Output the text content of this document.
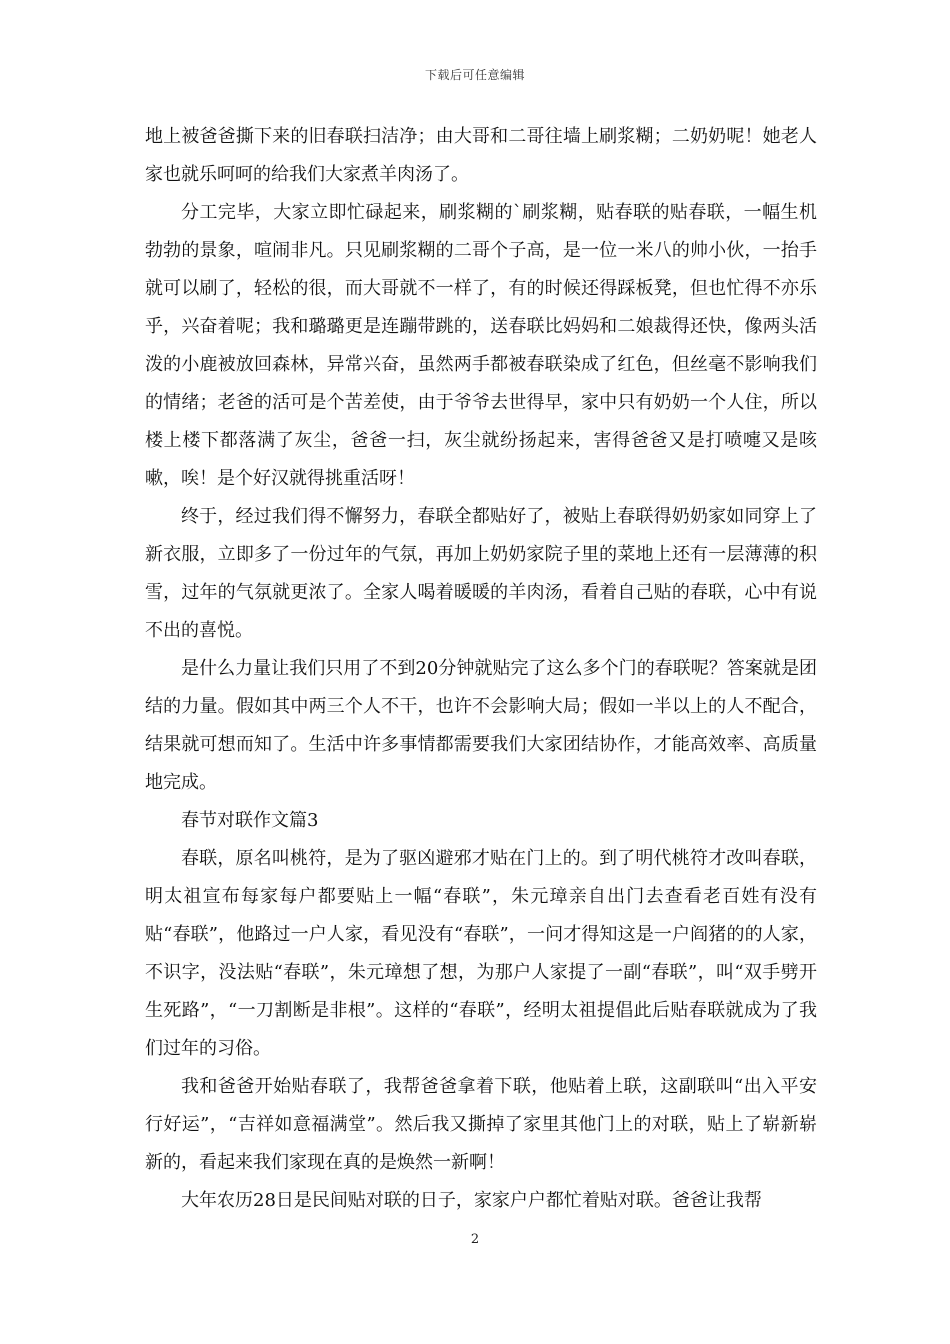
下载后可任意编辑

地上被爸爸撕下来的旧春联扫洁净；由大哥和二哥往墙上刷浆糊；二奶奶呢！她老人家也就乐呵呵的给我们大家煮羊肉汤了。

分工完毕，大家立即忙碌起来，刷浆糊的`刷浆糊，贴春联的贴春联，一幅生机勃勃的景象，喧闹非凡。只见刷浆糊的二哥个子高，是一位一米八的帅小伙，一抬手就可以刷了，轻松的很，而大哥就不一样了，有的时候还得踩板凳，但也忙得不亦乐乎，兴奋着呢；我和璐璐更是连蹦带跳的，送春联比妈妈和二娘裁得还快，像两头活泼的小鹿被放回森林，异常兴奋，虽然两手都被春联染成了红色，但丝毫不影响我们的情绪；老爸的活可是个苦差使，由于爷爷去世得早，家中只有奶奶一个人住，所以楼上楼下都落满了灰尘，爸爸一扫，灰尘就纷扬起来，害得爸爸又是打喷嚏又是咳嗽，唉！是个好汉就得挑重活呀！

终于，经过我们得不懈努力，春联全都贴好了，被贴上春联得奶奶家如同穿上了新衣服，立即多了一份过年的气氛，再加上奶奶家院子里的菜地上还有一层薄薄的积雪，过年的气氛就更浓了。全家人喝着暖暖的羊肉汤，看着自己贴的春联，心中有说不出的喜悦。

是什么力量让我们只用了不到20分钟就贴完了这么多个门的春联呢？答案就是团结的力量。假如其中两三个人不干，也许不会影响大局；假如一半以上的人不配合，结果就可想而知了。生活中许多事情都需要我们大家团结协作，才能高效率、高质量地完成。

春节对联作文篇3

春联，原名叫桃符，是为了驱凶避邪才贴在门上的。到了明代桃符才改叫春联，明太祖宣布每家每户都要贴上一幅“春联”，朱元璋亲自出门去查看老百姓有没有贴“春联”，他路过一户人家，看见没有“春联”，一问才得知这是一户阎猪的的人家，不识字，没法贴“春联”，朱元璋想了想，为那户人家提了一副“春联”，叫“双手劈开生死路”，“一刀割断是非根”。这样的“春联”，经明太祖提倡此后贴春联就成为了我们过年的习俗。

我和爸爸开始贴春联了，我帮爸爸拿着下联，他贴着上联，这副联叫“出入平安行好运”，“吉祥如意福满堂”。然后我又撕掉了家里其他门上的对联，贴上了崭新崭新的，看起来我们家现在真的是焕然一新啊！

大年农历28日是民间贴对联的日子，家家户户都忙着贴对联。爸爸让我帮

2
